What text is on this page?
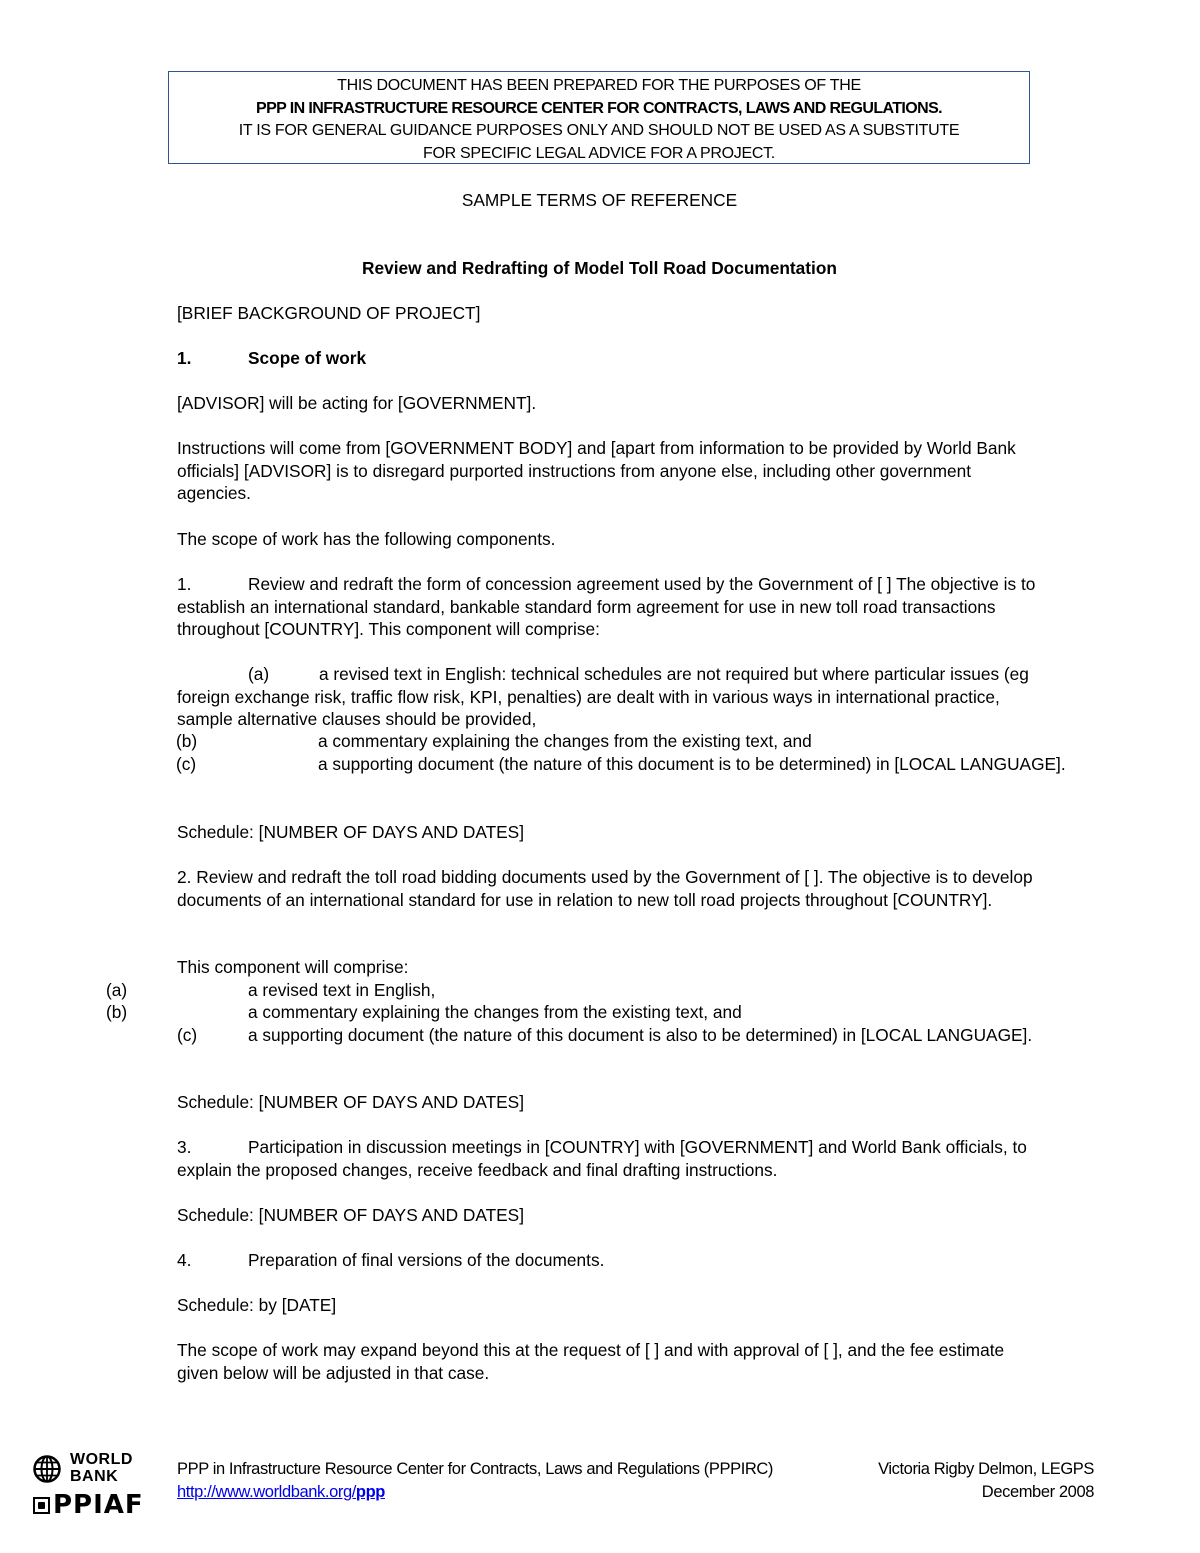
THIS DOCUMENT HAS BEEN PREPARED FOR THE PURPOSES OF THE
PPP IN INFRASTRUCTURE RESOURCE CENTER FOR CONTRACTS, LAWS AND REGULATIONS.
IT IS FOR GENERAL GUIDANCE PURPOSES ONLY AND SHOULD NOT BE USED AS A SUBSTITUTE
FOR SPECIFIC LEGAL ADVICE FOR A PROJECT.
SAMPLE TERMS OF REFERENCE
Review and Redrafting of Model Toll Road Documentation
[BRIEF BACKGROUND OF PROJECT]
1.	Scope of work
[ADVISOR] will be acting for [GOVERNMENT].
Instructions will come from [GOVERNMENT BODY] and [apart from information to be provided by World Bank officials] [ADVISOR] is to disregard purported instructions from anyone else, including other government agencies.
The scope of work has the following components.
1.	Review and redraft the form of concession agreement used by the Government of [ ] The objective is to establish an international standard, bankable standard form agreement for use in new toll road transactions throughout [COUNTRY]. This component will comprise:
(a)	a revised text in English: technical schedules are not required but where particular issues (eg foreign exchange risk, traffic flow risk, KPI, penalties) are dealt with in various ways in international practice, sample alternative clauses should be provided,
(b)	a commentary explaining the changes from the existing text, and
(c)	a supporting document (the nature of this document is to be determined) in [LOCAL LANGUAGE].
Schedule: [NUMBER OF DAYS AND DATES]
2. Review and redraft the toll road bidding documents used by the Government of [ ]. The objective is to develop documents of an international standard for use in relation to new toll road projects throughout [COUNTRY].
This component will comprise:
(a)	a revised text in English,
(b)	a commentary explaining the changes from the existing text, and
(c)	a supporting document (the nature of this document is also to be determined) in [LOCAL LANGUAGE].
Schedule: [NUMBER OF DAYS AND DATES]
3.	Participation in discussion meetings in [COUNTRY] with [GOVERNMENT] and World Bank officials, to explain the proposed changes, receive feedback and final drafting instructions.
Schedule: [NUMBER OF DAYS AND DATES]
4.	Preparation of final versions of the documents.
Schedule: by [DATE]
The scope of work may expand beyond this at the request of [ ] and with approval of [ ], and the fee estimate given below will be adjusted in that case.
WORLD
BANK
PPIAF
PPP in Infrastructure Resource Center for Contracts, Laws and Regulations (PPPIRC)
http://www.worldbank.org/ppp
Victoria Rigby Delmon, LEGPS
December 2008
